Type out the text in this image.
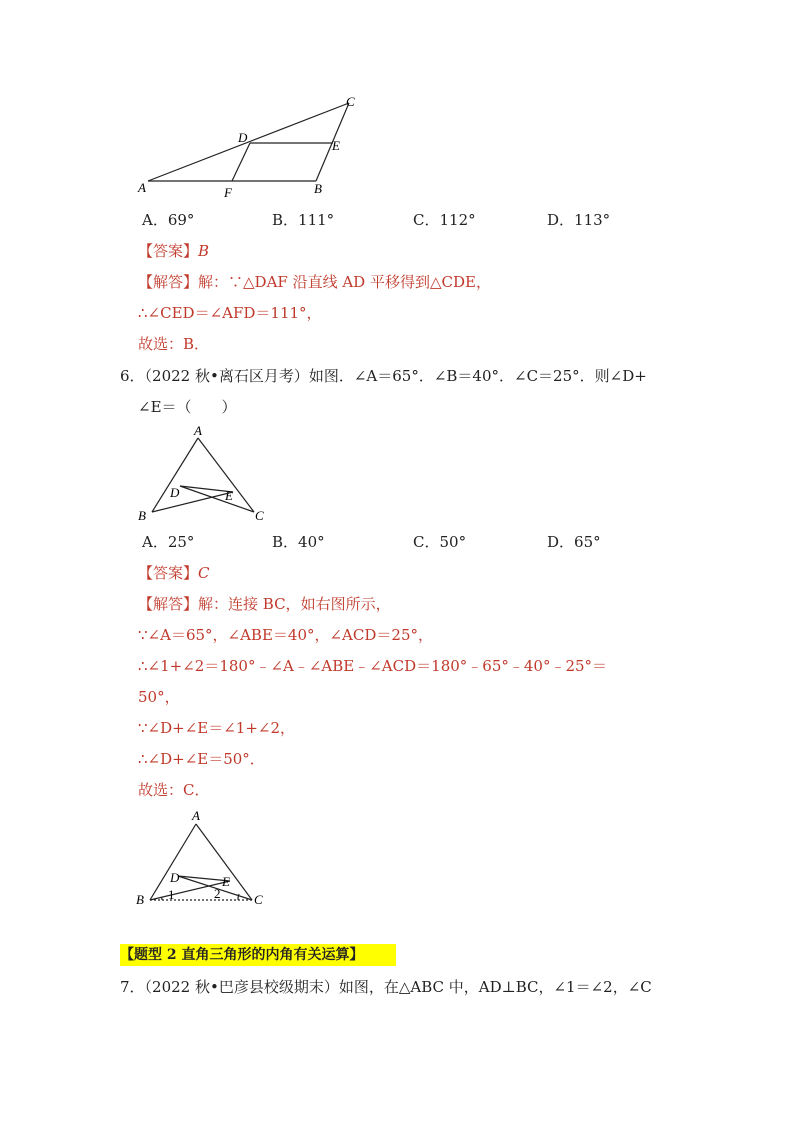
C
D
E
A	F	B
A．69°	B．111°	C．112°	D．113°
【答案】B
【解答】解：∵△DAF 沿直线 AD 平移得到△CDE，
∴∠CED＝∠AFD＝111°，
故选：B．
6．（2022 秋•离石区月考）如图．∠A＝65°．∠B＝40°．∠C＝25°．则∠D+
∠E＝（　　）
A
D	E
B	C
A．25°	B．40°	C．50°	D．65°
【答案】C
【解答】解：连接 BC，如右图所示，
∵∠A＝65°，∠ABE＝40°，∠ACD＝25°，
∴∠1+∠2＝180°﹣∠A﹣∠ABE﹣∠ACD＝180°﹣65°﹣40°﹣25°＝
50°，
∵∠D+∠E＝∠1+∠2，
∴∠D+∠E＝50°．
故选：C．
A
D	E
1	2
B	C
【题型 2 直角三角形的内角有关运算】
7．（2022 秋•巴彦县校级期末）如图，在△ABC 中，AD⊥BC，∠1＝∠2，∠C
